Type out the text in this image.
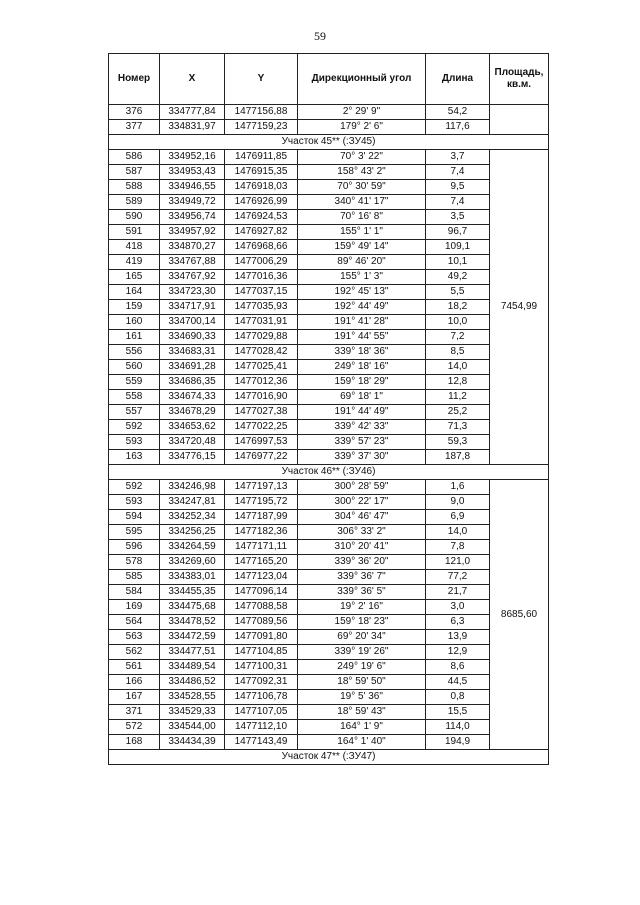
59
Номер	X	Y	Дирекционный угол	Длина	Площадь, кв.м.
376	334777,84	1477156,88	2° 29' 9"	54,2	
377	334831,97	1477159,23	179° 2' 6"	117,6	
Участок 45** (:ЗУ45)					
586	334952,16	1476911,85	70° 3' 22"	3,7	7454,99
587	334953,43	1476915,35	158° 43' 2"	7,4	
588	334946,55	1476918,03	70° 30' 59"	9,5	
589	334949,72	1476926,99	340° 41' 17"	7,4	
590	334956,74	1476924,53	70° 16' 8"	3,5	
591	334957,92	1476927,82	155° 1' 1"	96,7	
418	334870,27	1476968,66	159° 49' 14"	109,1	
419	334767,88	1477006,29	89° 46' 20"	10,1	
165	334767,92	1477016,36	155° 1' 3"	49,2	
164	334723,30	1477037,15	192° 45' 13"	5,5	
159	334717,91	1477035,93	192° 44' 49"	18,2	
160	334700,14	1477031,91	191° 41' 28"	10,0	
161	334690,33	1477029,88	191° 44' 55"	7,2	
556	334683,31	1477028,42	339° 18' 36"	8,5	
560	334691,28	1477025,41	249° 18' 16"	14,0	
559	334686,35	1477012,36	159° 18' 29"	12,8	
558	334674,33	1477016,90	69° 18' 1"	11,2	
557	334678,29	1477027,38	191° 44' 49"	25,2	
592	334653,62	1477022,25	339° 42' 33"	71,3	
593	334720,48	1476997,53	339° 57' 23"	59,3	
163	334776,15	1476977,22	339° 37' 30"	187,8	
Участок 46** (:ЗУ46)					
592	334246,98	1477197,13	300° 28' 59"	1,6	8685,60
593	334247,81	1477195,72	300° 22' 17"	9,0	
594	334252,34	1477187,99	304° 46' 47"	6,9	
595	334256,25	1477182,36	306° 33' 2"	14,0	
596	334264,59	1477171,11	310° 20' 41"	7,8	
578	334269,60	1477165,20	339° 36' 20"	121,0	
585	334383,01	1477123,04	339° 36' 7"	77,2	
584	334455,35	1477096,14	339° 36' 5"	21,7	
169	334475,68	1477088,58	19° 2' 16"	3,0	
564	334478,52	1477089,56	159° 18' 23"	6,3	
563	334472,59	1477091,80	69° 20' 34"	13,9	
562	334477,51	1477104,85	339° 19' 26"	12,9	
561	334489,54	1477100,31	249° 19' 6"	8,6	
166	334486,52	1477092,31	18° 59' 50"	44,5	
167	334528,55	1477106,78	19° 5' 36"	0,8	
371	334529,33	1477107,05	18° 59' 43"	15,5	
572	334544,00	1477112,10	164° 1' 9"	114,0	
168	334434,39	1477143,49	164° 1' 40"	194,9	
Участок 47** (:ЗУ47)					
